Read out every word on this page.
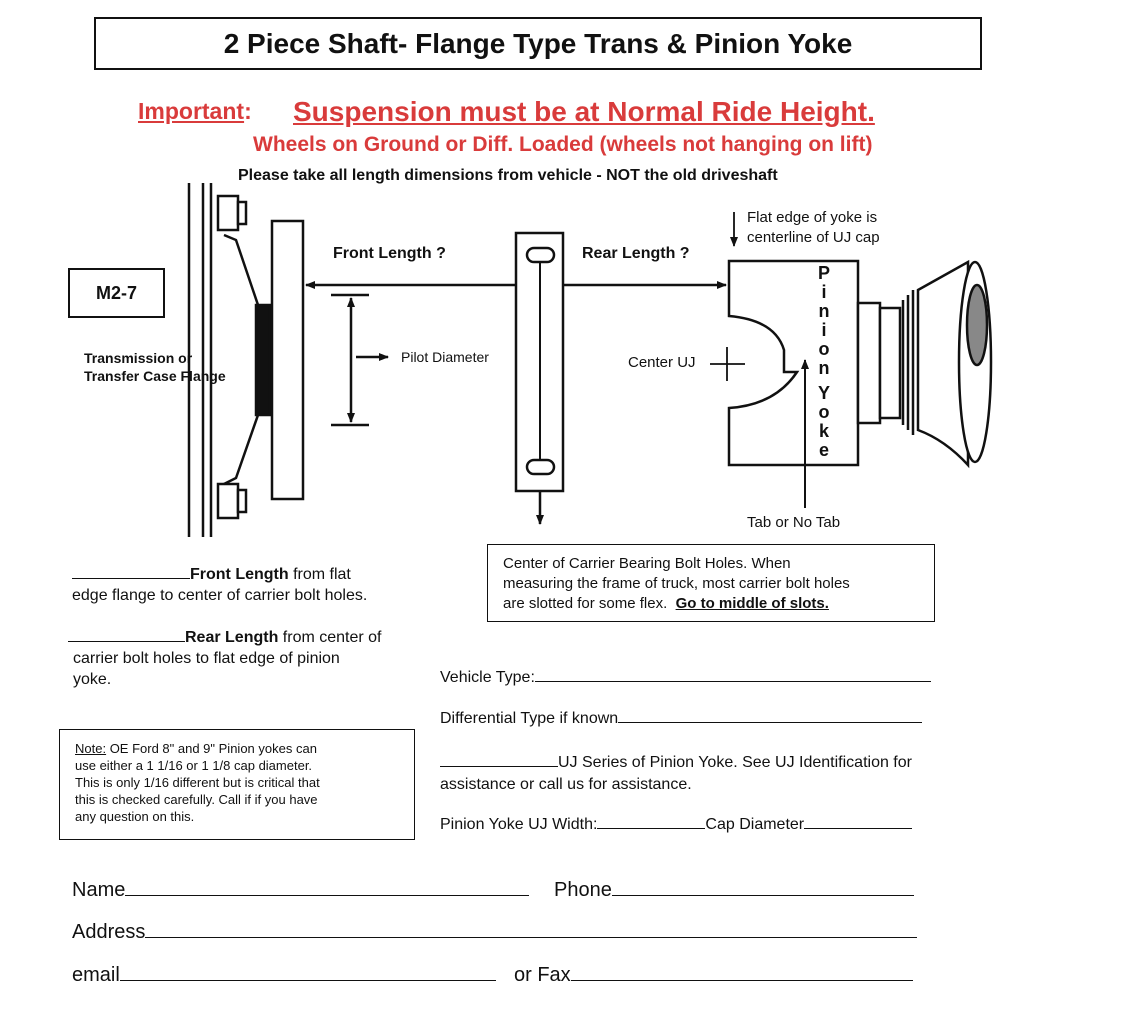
2 Piece Shaft- Flange Type Trans & Pinion Yoke
Important: Suspension must be at Normal Ride Height.
Wheels on Ground or Diff. Loaded (wheels not hanging on lift)
Please take all length dimensions from vehicle - NOT the old driveshaft
M2-7
Transmission or
Transfer Case Flange
Front Length ?	Rear Length ?
Pilot Diameter
Flat edge of yoke is
centerline of UJ cap
Center UJ
P
i
n
i
o
n
Y
o
k
e
Tab or No Tab
Center of Carrier Bearing Bolt Holes. When
measuring the frame of truck, most carrier bolt holes
are slotted for some flex. Go to middle of slots.
Front Length from flat
edge flange to center of carrier bolt holes.
Rear Length from center of
carrier bolt holes to flat edge of pinion
yoke.
Note: OE Ford 8" and 9" Pinion yokes can
use either a 1 1/16 or 1 1/8 cap diameter.
This is only 1/16 different but is critical that
this is checked carefully. Call if if you have
any question on this.
Vehicle Type:
Differential Type if known
UJ Series of Pinion Yoke. See UJ Identification for
assistance or call us for assistance.
Pinion Yoke UJ Width:	Cap Diameter
Name	Phone
Address
email	or Fax
